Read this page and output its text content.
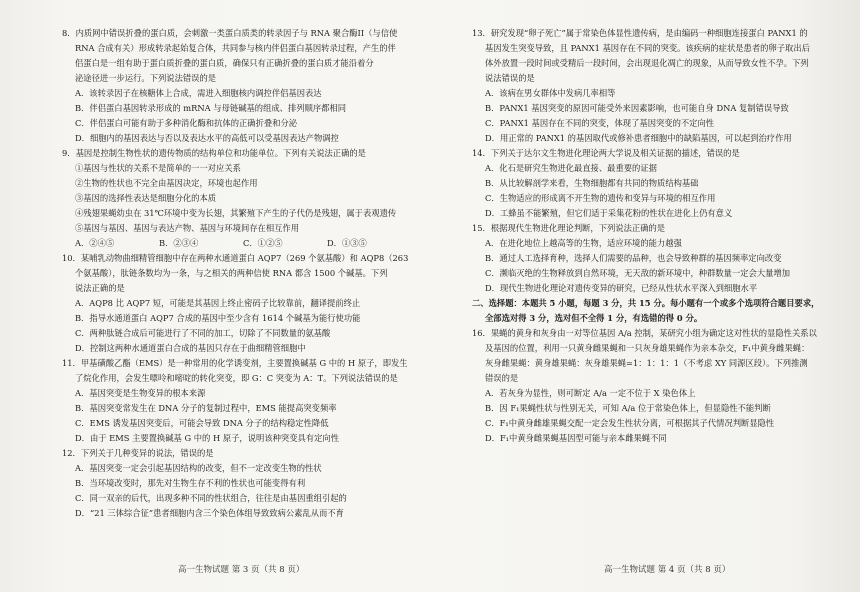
8．内质网中错误折叠的蛋白质，会刺激一类蛋白质类的转录因子与 RNA 聚合酶II（与信使

RNA 合成有关）形成转录起始复合体，共同参与核内伴侣蛋白基因转录过程，产生的伴

侣蛋白是一组有助于蛋白质折叠的蛋白质，确保只有正确折叠的蛋白质才能沿着分

泌途径进一步运行。下列说法错误的是

A．该转录因子在核糖体上合成，需进入细胞核内调控伴侣基因表达

B．伴侣蛋白基因转录形成的 mRNA 与母链碱基的组成、排列顺序都相同

C．伴侣蛋白可能有助于多种消化酶和抗体的正确折叠和分泌

D．细胞内的基因表达与否以及表达水平的高低可以受基因表达产物调控

9．基因是控制生物性状的遗传物质的结构单位和功能单位。下列有关说法正确的是

①基因与性状的关系不是简单的一一对应关系

②生物的性状也不完全由基因决定，环境也起作用

③基因的选择性表达是细胞分化的本质

④残翅果蝇幼虫在 31℃环境中变为长翅，其繁殖下产生的子代仍是残翅，属于表观遗传

⑤基因与基因、基因与表达产物、基因与环境间存在相互作用

A．②④⑤	B．②③④	C．①②⑤	D．①③⑤

10．某哺乳动物曲细精管细胞中存在两种水通道蛋白 AQP7（269 个氨基酸）和 AQP8（263

个氨基酸），肽链条数均为一条，与之相关的两种信使 RNA 都含 1500 个碱基。下列

说法正确的是

A．AQP8 比 AQP7 短，可能是其基因上终止密码子比较靠前，翻译提前终止

B．指导水通道蛋白 AQP7 合成的基因中至少含有 1614 个碱基为能行使功能

C．两种肽链合成后可能进行了不同的加工，切除了不同数量的氨基酸

D．控制这两种水通道蛋白合成的基因只存在于曲细精管细胞中

11．甲基磺酸乙酯（EMS）是一种常用的化学诱变剂，主要置换碱基 G 中的 H 原子，即发生

了烷化作用，会发生嘌呤和嘧啶的转化突变，即 G：C 突变为 A：T。下列说法错误的是

A．基因突变是生物变异的根本来源

B．基因突变常发生在 DNA 分子的复制过程中，EMS 能提高突变频率

C．EMS 诱发基因突变后，可能会导致 DNA 分子的结构稳定性降低

D．由于 EMS 主要置换碱基 G 中的 H 原子，说明该种突变具有定向性

12．下列关于几种变异的说法，错误的是

A．基因突变一定会引起基因结构的改变，但不一定改变生物的性状

B．当环境改变时，那先对生物生存不利的性状也可能变得有利

C．同一双亲的后代，出现多种不同的性状组合，往往是由基因重组引起的

D．“21 三体综合征”患者细胞内含三个染色体组导致致病公素乱从而不育

13．研究发现“卵子死亡”属于常染色体显性遗传病，是由编码一种细胞连接蛋白 PANX1 的

基因发生突变导致，且 PANX1 基因存在不同的突变。该疾病的症状是患者的卵子取出后

体外放置一段时间或受精后一段时间，会出现退化凋亡的现象，从而导致女性不孕。下列

说法错误的是

A．该病在男女群体中发病几率相等

B．PANX1 基因突变的原因可能受外来因素影响，也可能自身 DNA 复制错误导致

C．PANX1 基因存在不同的突变，体现了基因突变的不定向性

D．用正常的 PANX1 的基因取代或修补患者细胞中的缺陷基因，可以起到治疗作用

14．下列关于达尔文生物进化理论两大学说及相关证据的描述，错误的是

A．化石是研究生物进化最直接、最重要的证据

B．从比较解剖学来看，生物细胞都有共同的物质结构基础

C．生物适应的形成离不开生物的遗传和变异与环境的相互作用

D．工蜂虽不能繁殖，但它们适于采集花粉的性状在进化上仍有意义

15．根据现代生物进化理论判断，下列说法正确的是

A．在进化地位上越高等的生物，适应环境的能力越强

B．通过人工选择育种，选择人们需要的品种，也会导致种群的基因频率定向改变

C．濒临灭绝的生物释放到自然环境，无天敌的新环境中，种群数量一定会大量增加

D．现代生物进化理论对遗传变异的研究，已经从性状水平深入到细胞水平

二、选择题：本题共 5 小题，每题 3 分，共 15 分。每小题有一个或多个选项符合题目要求，

全部选对得 3 分，选对但不全得 1 分，有选错的得 0 分。

16．果蝇的黄身和灰身由一对等位基因 A/a 控制，某研究小组为确定这对性状的显隐性关系以

及基因的位置，利用一只黄身雌果蝇和一只灰身雄果蝇作为亲本杂交，F₁中黄身雌果蝇：

灰身雌果蝇：黄身雄果蝇：灰身雄果蝇=1：1：1：1（不考虑 XY 同源区段）。下列推测

错误的是

A．若灰身为显性，则可断定 A/a 一定不位于 X 染色体上

B．因 F₁果蝇性状与性别无关，可知 A/a 位于常染色体上，但显隐性不能判断

C．F₁中黄身雌雄果蝇交配一定会发生性状分离，可根据其子代情况判断显隐性

D．F₁中黄身雌果蝇基因型可能与亲本雌果蝇不同

高一生物试题 第 3 页（共 8 页）	高一生物试题 第 4 页（共 8 页）
